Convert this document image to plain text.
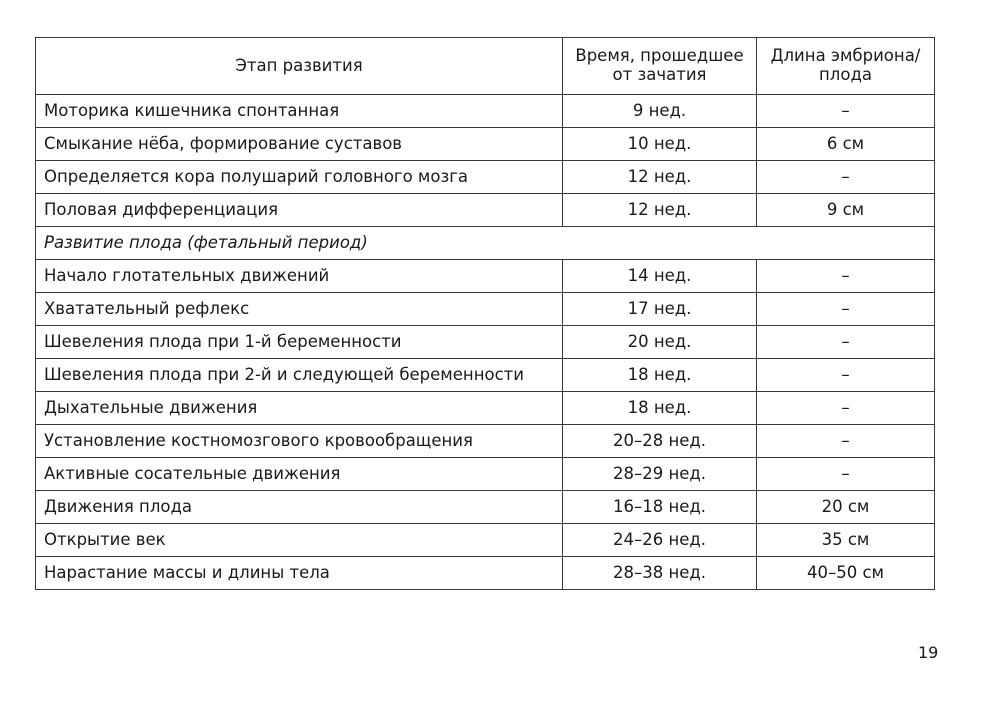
Этап развития	Время, прошедшее от зачатия	Длина эмбриона/ плода
Моторика кишечника спонтанная	9 нед.	–
Смыкание нёба, формирование суставов	10 нед.	6 см
Определяется кора полушарий головного мозга	12 нед.	–
Половая дифференциация	12 нед.	9 см
Развитие плода (фетальный период)		
Начало глотательных движений	14 нед.	–
Хватательный рефлекс	17 нед.	–
Шевеления плода при 1-й беременности	20 нед.	–
Шевеления плода при 2-й и следующей беременности	18 нед.	–
Дыхательные движения	18 нед.	–
Установление костномозгового кровообращения	20–28 нед.	–
Активные сосательные движения	28–29 нед.	–
Движения плода	16–18 нед.	20 см
Открытие век	24–26 нед.	35 см
Нарастание массы и длины тела	28–38 нед.	40–50 см
19
